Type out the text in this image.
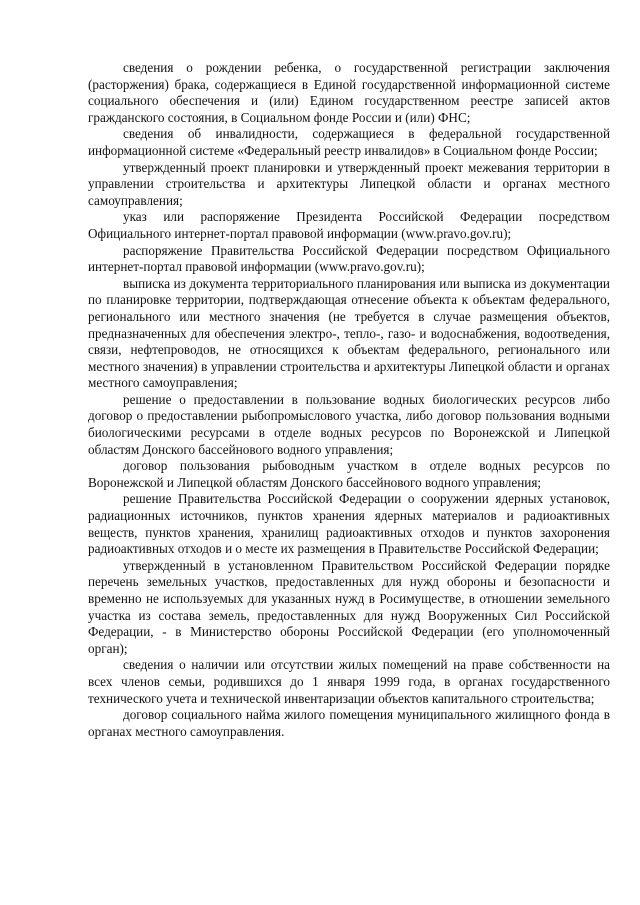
сведения о рождении ребенка, о государственной регистрации заключения (расторжения) брака, содержащиеся в Единой государственной информационной системе социального обеспечения и (или) Едином государственном реестре записей актов гражданского состояния, в Социальном фонде России и (или) ФНС;

сведения об инвалидности, содержащиеся в федеральной государственной информационной системе «Федеральный реестр инвалидов» в Социальном фонде России;

утвержденный проект планировки и утвержденный проект межевания территории в управлении строительства и архитектуры Липецкой области и органах местного самоуправления;

указ или распоряжение Президента Российской Федерации посредством Официального интернет-портал правовой информации (www.pravo.gov.ru);

распоряжение Правительства Российской Федерации посредством Официального интернет-портал правовой информации (www.pravo.gov.ru);

выписка из документа территориального планирования или выписка из документации по планировке территории, подтверждающая отнесение объекта к объектам федерального, регионального или местного значения (не требуется в случае размещения объектов, предназначенных для обеспечения электро-, тепло-, газо- и водоснабжения, водоотведения, связи, нефтепроводов, не относящихся к объектам федерального, регионального или местного значения) в управлении строительства и архитектуры Липецкой области и органах местного самоуправления;

решение о предоставлении в пользование водных биологических ресурсов либо договор о предоставлении рыбопромыслового участка, либо договор пользования водными биологическими ресурсами в отделе водных ресурсов по Воронежской и Липецкой областям Донского бассейнового водного управления;

договор пользования рыбоводным участком в отделе водных ресурсов по Воронежской и Липецкой областям Донского бассейнового водного управления;

решение Правительства Российской Федерации о сооружении ядерных установок, радиационных источников, пунктов хранения ядерных материалов и радиоактивных веществ, пунктов хранения, хранилищ радиоактивных отходов и пунктов захоронения радиоактивных отходов и о месте их размещения в Правительстве Российской Федерации;

утвержденный в установленном Правительством Российской Федерации порядке перечень земельных участков, предоставленных для нужд обороны и безопасности и временно не используемых для указанных нужд в Росимуществе, в отношении земельного участка из состава земель, предоставленных для нужд Вооруженных Сил Российской Федерации, - в Министерство обороны Российской Федерации (его уполномоченный орган);

сведения о наличии или отсутствии жилых помещений на праве собственности на всех членов семьи, родившихся до 1 января 1999 года, в органах государственного технического учета и технической инвентаризации объектов капитального строительства;

договор социального найма жилого помещения муниципального жилищного фонда в органах местного самоуправления.
